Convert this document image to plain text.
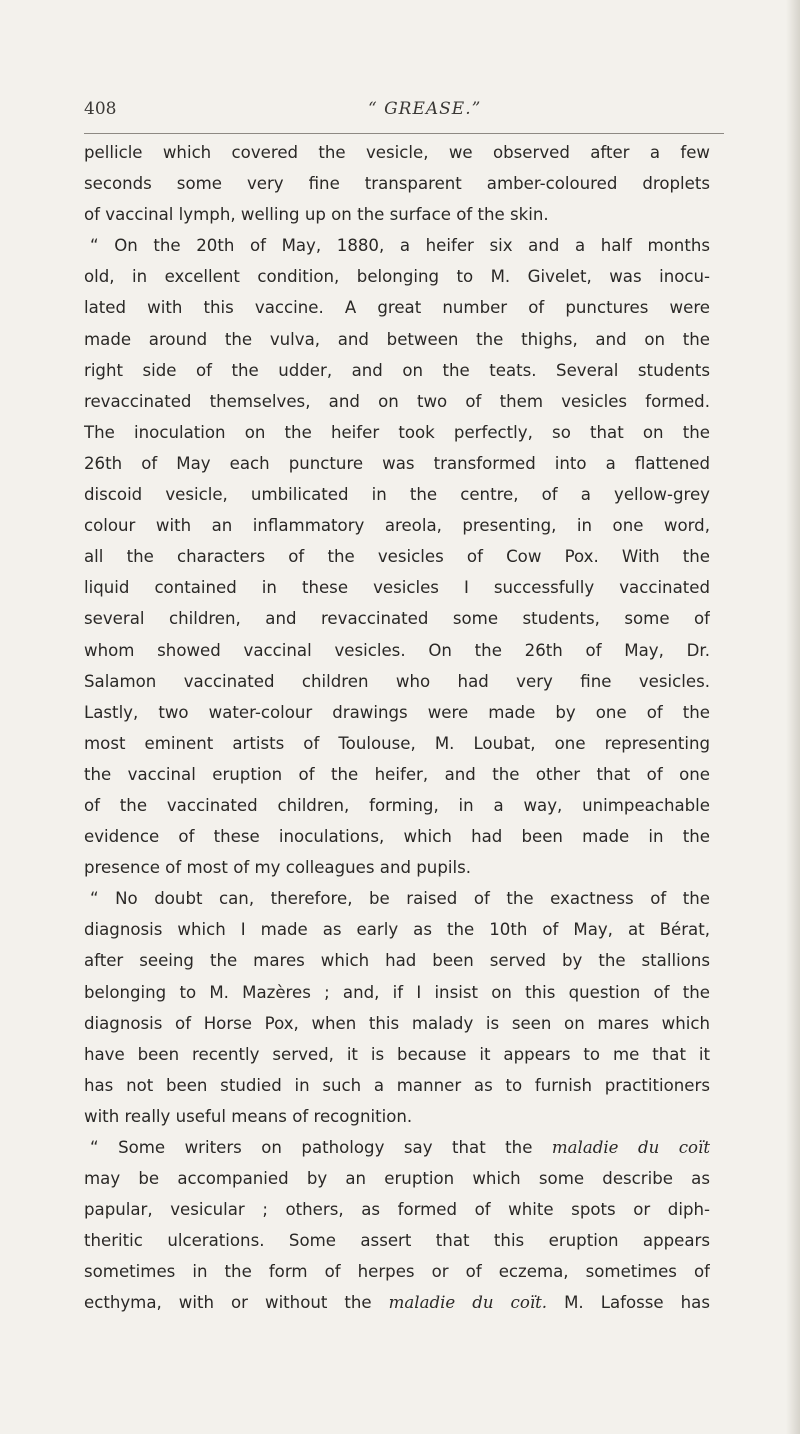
408	“ GREASE.”
pellicle which covered the vesicle, we observed after a few
seconds some very fine transparent amber-coloured droplets
of vaccinal lymph, welling up on the surface of the skin.
“ On the 20th of May, 1880, a heifer six and a half months
old, in excellent condition, belonging to M. Givelet, was inocu-
lated with this vaccine. A great number of punctures were
made around the vulva, and between the thighs, and on the
right side of the udder, and on the teats. Several students
revaccinated themselves, and on two of them vesicles formed.
The inoculation on the heifer took perfectly, so that on the
26th of May each puncture was transformed into a flattened
discoid vesicle, umbilicated in the centre, of a yellow-grey
colour with an inflammatory areola, presenting, in one word,
all the characters of the vesicles of Cow Pox. With the
liquid contained in these vesicles I successfully vaccinated
several children, and revaccinated some students, some of
whom showed vaccinal vesicles. On the 26th of May, Dr.
Salamon vaccinated children who had very fine vesicles.
Lastly, two water-colour drawings were made by one of the
most eminent artists of Toulouse, M. Loubat, one representing
the vaccinal eruption of the heifer, and the other that of one
of the vaccinated children, forming, in a way, unimpeachable
evidence of these inoculations, which had been made in the
presence of most of my colleagues and pupils.
“ No doubt can, therefore, be raised of the exactness of the
diagnosis which I made as early as the 10th of May, at Bérat,
after seeing the mares which had been served by the stallions
belonging to M. Mazères ; and, if I insist on this question of the
diagnosis of Horse Pox, when this malady is seen on mares which
have been recently served, it is because it appears to me that it
has not been studied in such a manner as to furnish practitioners
with really useful means of recognition.
“ Some writers on pathology say that the maladie du coït
may be accompanied by an eruption which some describe as
papular, vesicular ; others, as formed of white spots or diph-
theritic ulcerations. Some assert that this eruption appears
sometimes in the form of herpes or of eczema, sometimes of
ecthyma, with or without the maladie du coït. M. Lafosse has
